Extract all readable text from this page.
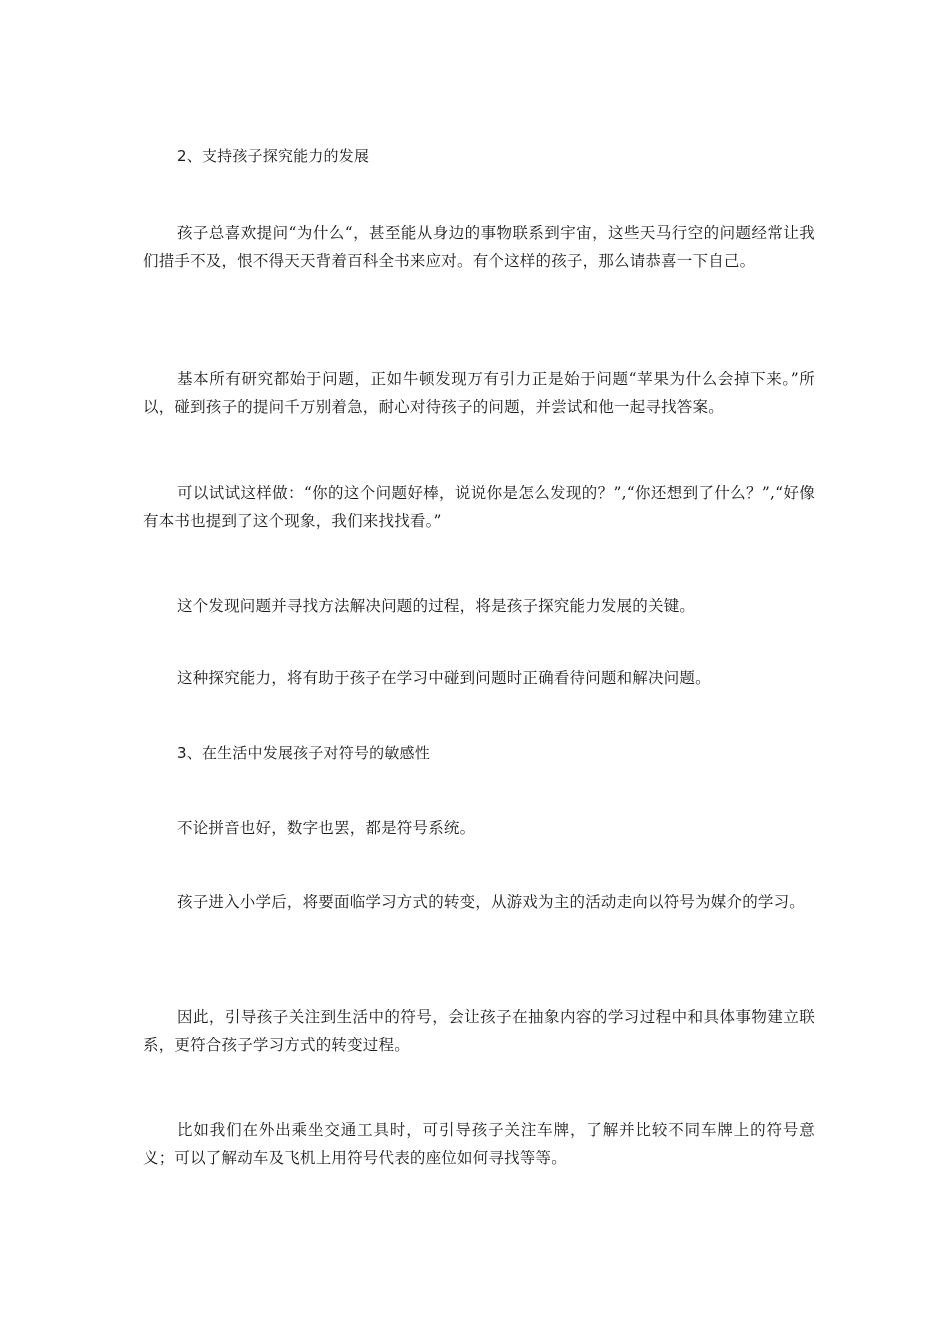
2、支持孩子探究能力的发展

孩子总喜欢提问“为什么“，甚至能从身边的事物联系到宇宙，这些天马行空的问题经常让我们措手不及，恨不得天天背着百科全书来应对。有个这样的孩子，那么请恭喜一下自己。

基本所有研究都始于问题，正如牛顿发现万有引力正是始于问题“苹果为什么会掉下来。”所以，碰到孩子的提问千万别着急，耐心对待孩子的问题，并尝试和他一起寻找答案。

可以试试这样做：“你的这个问题好棒，说说你是怎么发现的？”,“你还想到了什么？”,“好像有本书也提到了这个现象，我们来找找看。”

这个发现问题并寻找方法解决问题的过程，将是孩子探究能力发展的关键。

这种探究能力，将有助于孩子在学习中碰到问题时正确看待问题和解决问题。

3、在生活中发展孩子对符号的敏感性

不论拼音也好，数字也罢，都是符号系统。

孩子进入小学后，将要面临学习方式的转变，从游戏为主的活动走向以符号为媒介的学习。

因此，引导孩子关注到生活中的符号，会让孩子在抽象内容的学习过程中和具体事物建立联系，更符合孩子学习方式的转变过程。

比如我们在外出乘坐交通工具时，可引导孩子关注车牌，了解并比较不同车牌上的符号意义；可以了解动车及飞机上用符号代表的座位如何寻找等等。
